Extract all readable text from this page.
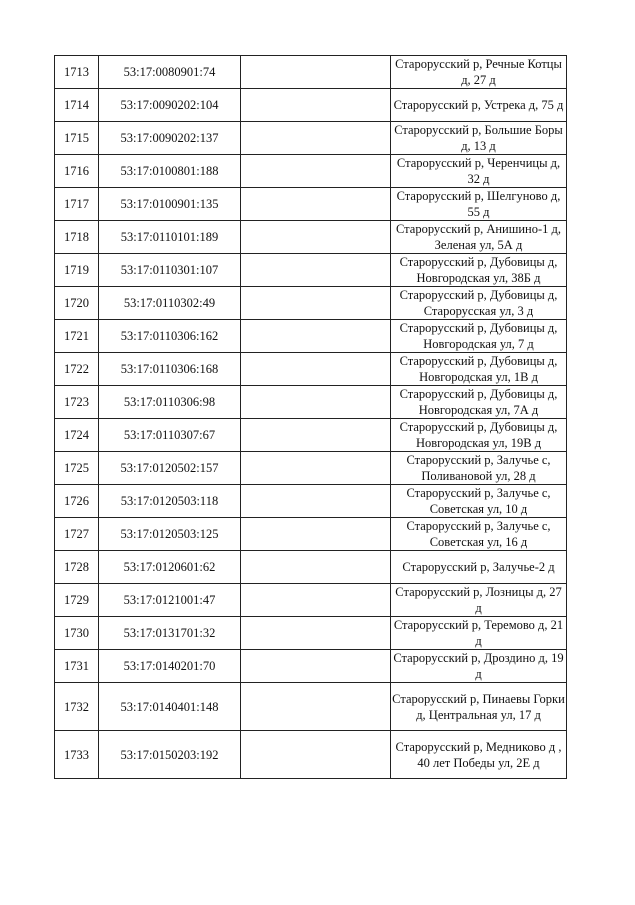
1713	53:17:0080901:74		Старорусский р, Речные Котцы д, 27 д
1714	53:17:0090202:104		Старорусский р, Устрека д, 75 д
1715	53:17:0090202:137		Старорусский р, Большие Боры д, 13 д
1716	53:17:0100801:188		Старорусский р, Черенчицы д, 32 д
1717	53:17:0100901:135		Старорусский р, Шелгуново д, 55 д
1718	53:17:0110101:189		Старорусский р, Анишино-1 д, Зеленая ул, 5А д
1719	53:17:0110301:107		Старорусский р, Дубовицы д, Новгородская ул, 38Б д
1720	53:17:0110302:49		Старорусский р, Дубовицы д, Старорусская ул, 3 д
1721	53:17:0110306:162		Старорусский р, Дубовицы д, Новгородская ул, 7 д
1722	53:17:0110306:168		Старорусский р, Дубовицы д, Новгородская ул, 1В д
1723	53:17:0110306:98		Старорусский р, Дубовицы д, Новгородская ул, 7А д
1724	53:17:0110307:67		Старорусский р, Дубовицы д, Новгородская ул, 19В д
1725	53:17:0120502:157		Старорусский р, Залучье с, Поливановой ул, 28 д
1726	53:17:0120503:118		Старорусский р, Залучье с, Советская ул, 10 д
1727	53:17:0120503:125		Старорусский р, Залучье с, Советская ул, 16 д
1728	53:17:0120601:62		Старорусский р, Залучье-2 д
1729	53:17:0121001:47		Старорусский р, Лозницы д, 27 д
1730	53:17:0131701:32		Старорусский р, Теремово д, 21 д
1731	53:17:0140201:70		Старорусский р, Дроздино д, 19 д
1732	53:17:0140401:148		Старорусский р, Пинаевы Горки д, Центральная ул, 17 д
1733	53:17:0150203:192		Старорусский р, Медниково д , 40 лет Победы ул, 2Е д
